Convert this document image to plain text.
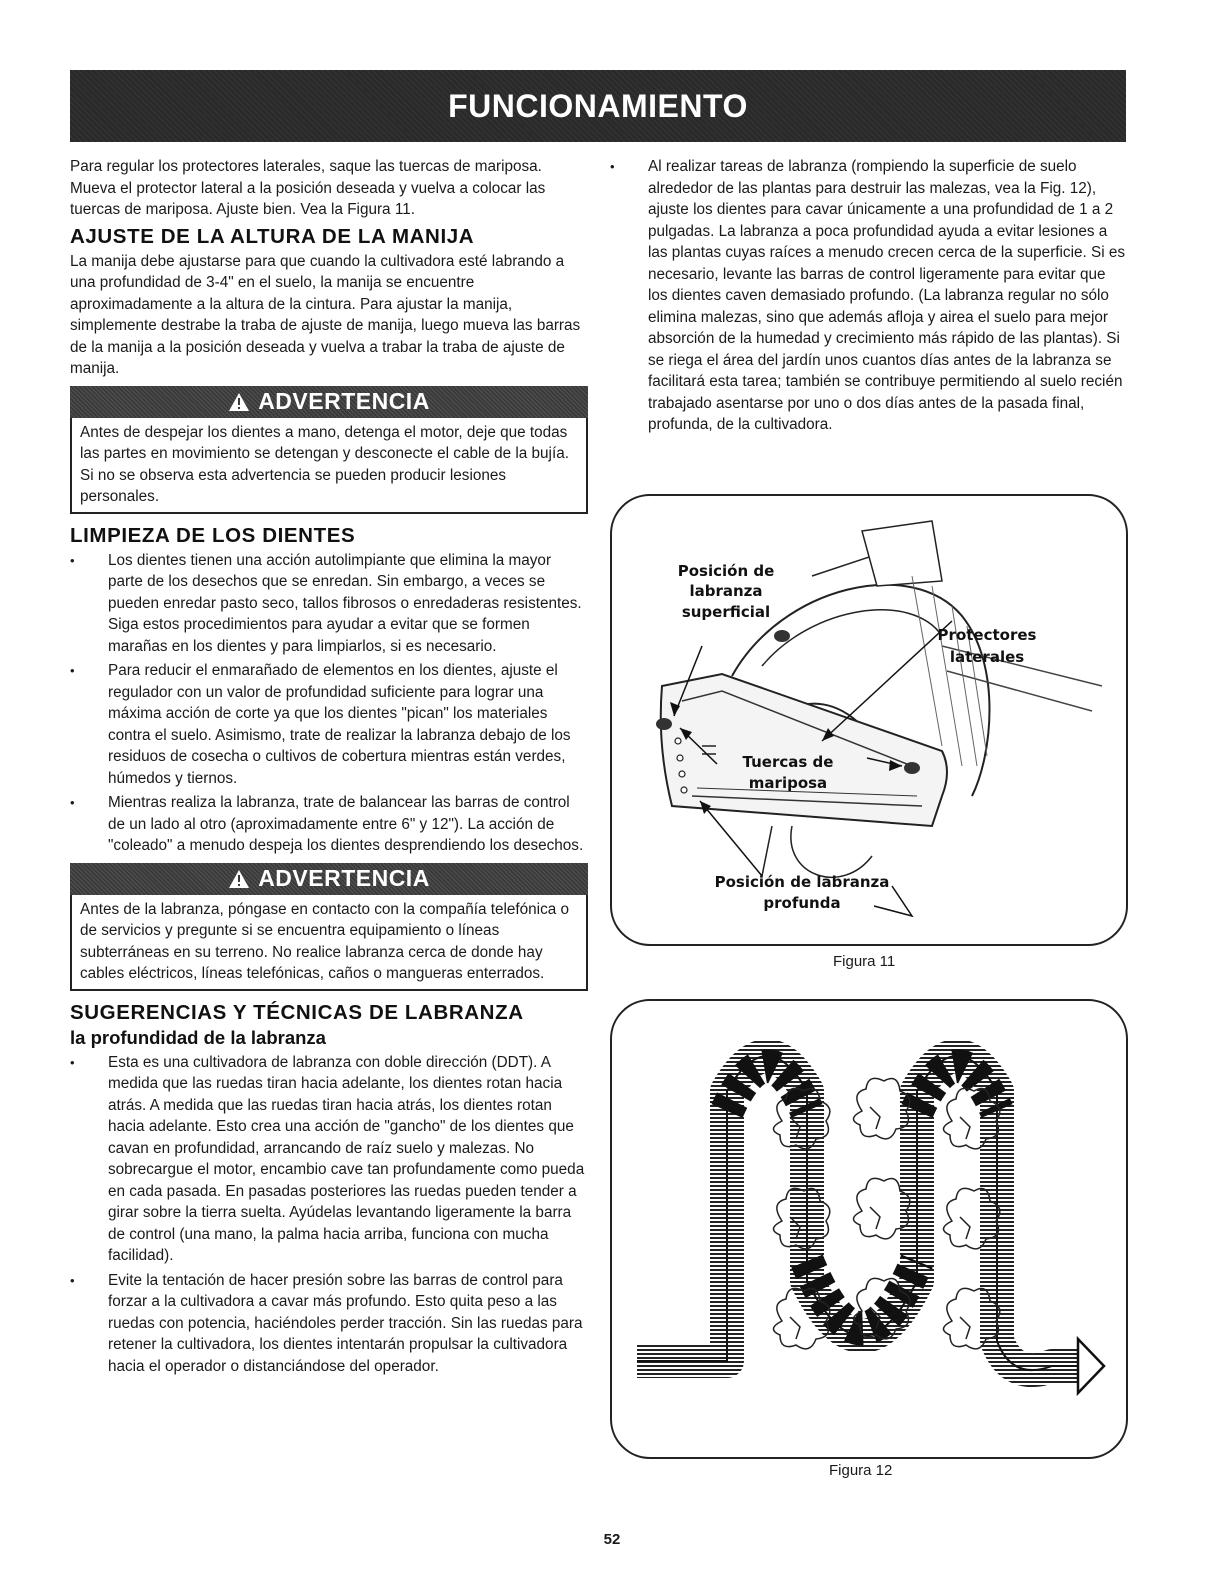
FUNCIONAMIENTO

Para regular los protectores laterales, saque las tuercas de mariposa. Mueva el protector lateral a la posición deseada y vuelva a colocar las tuercas de mariposa. Ajuste bien. Vea la Figura 11.

AJUSTE DE LA ALTURA DE LA MANIJA

La manija debe ajustarse para que cuando la cultivadora esté labrando a una profundidad de 3-4" en el suelo, la manija se encuentre aproximadamente a la altura de la cintura. Para ajustar la manija, simplemente destrabe la traba de ajuste de manija, luego mueva las barras de la manija a la posición deseada y vuelva a trabar la traba de ajuste de manija.

ADVERTENCIA

Antes de despejar los dientes a mano, detenga el motor, deje que todas las partes en movimiento se detengan y desconecte el cable de la bujía. Si no se observa esta advertencia se pueden producir lesiones personales.

LIMPIEZA DE LOS DIENTES
• Los dientes tienen una acción autolimpiante que elimina la mayor parte de los desechos que se enredan. Sin embargo, a veces se pueden enredar pasto seco, tallos fibrosos o enredaderas resistentes. Siga estos procedimientos para ayudar a evitar que se formen marañas en los dientes y para limpiarlos, si es necesario.
• Para reducir el enmarañado de elementos en los dientes, ajuste el regulador con un valor de profundidad suficiente para lograr una máxima acción de corte ya que los dientes "pican" los materiales contra el suelo. Asimismo, trate de realizar la labranza debajo de los residuos de cosecha o cultivos de cobertura mientras están verdes, húmedos y tiernos.
• Mientras realiza la labranza, trate de balancear las barras de control de un lado al otro (aproximadamente entre 6" y 12"). La acción de "coleado" a menudo despeja los dientes desprendiendo los desechos.
ADVERTENCIA

Antes de la labranza, póngase en contacto con la compañía telefónica o de servicios y pregunte si se encuentra equipamiento o líneas subterráneas en su terreno. No realice labranza cerca de donde hay cables eléctricos, líneas telefónicas, caños o mangueras enterrados.

SUGERENCIAS Y TÉCNICAS DE LABRANZA
la profundidad de la labranza
• Esta es una cultivadora de labranza con doble dirección (DDT). A medida que las ruedas tiran hacia adelante, los dientes rotan hacia atrás. A medida que las ruedas tiran hacia atrás, los dientes rotan hacia adelante. Esto crea una acción de "gancho" de los dientes que cavan en profundidad, arrancando de raíz suelo y malezas. No sobrecargue el motor, encambio cave tan profundamente como pueda en cada pasada. En pasadas posteriores las ruedas pueden tender a girar sobre la tierra suelta. Ayúdelas levantando ligeramente la barra de control (una mano, la palma hacia arriba, funciona con mucha facilidad).
• Evite la tentación de hacer presión sobre las barras de control para forzar a la cultivadora a cavar más profundo. Esto quita peso a las ruedas con potencia, haciéndoles perder tracción. Sin las ruedas para retener la cultivadora, los dientes intentarán propulsar la cultivadora hacia el operador o distanciándose del operador.
• Al realizar tareas de labranza (rompiendo la superficie de suelo alrededor de las plantas para destruir las malezas, vea la Fig. 12), ajuste los dientes para cavar únicamente a una profundidad de 1 a 2 pulgadas. La labranza a poca profundidad ayuda a evitar lesiones a las plantas cuyas raíces a menudo crecen cerca de la superficie. Si es necesario, levante las barras de control ligeramente para evitar que los dientes caven demasiado profundo. (La labranza regular no sólo elimina malezas, sino que además afloja y airea el suelo para mejor absorción de la humedad y crecimiento más rápido de las plantas). Si se riega el área del jardín unos cuantos días antes de la labranza se facilitará esta tarea; también se contribuye permitiendo al suelo recién trabajado asentarse por uno o dos días antes de la pasada final, profunda, de la cultivadora.
Posición de
labranza
superficial
Protectores
laterales
Tuercas de
mariposa
Posición de labranza
profunda
Figura 11
Figura 12
52
